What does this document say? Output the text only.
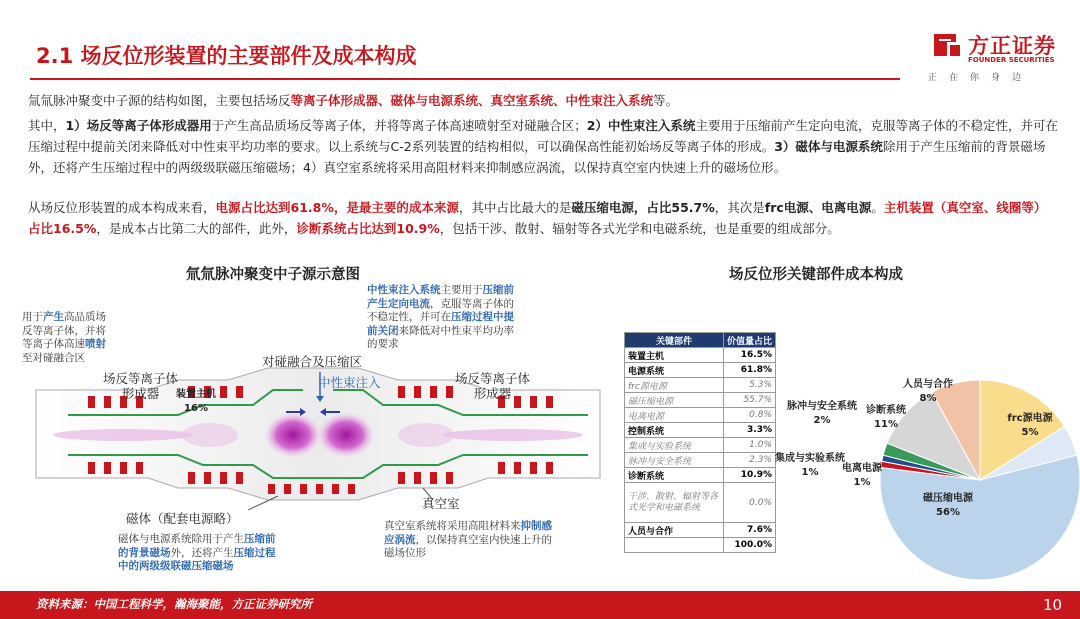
2.1 场反位形装置的主要部件及成本构成	方正证券
FOUNDER SECURITIES
正在你身边
氚氚脉冲聚变中子源的结构如图，主要包括场反等离子体形成器、磁体与电源系统、真空室系统、中性束注入系统等。
其中，1）场反等离子体形成器用于产生高品质场反等离子体，并将等离子体高速喷射至对碰融合区；2）中性束注入系统主要用于压缩前产生定向电流，克服等离子体的不稳定性，并可在压缩过程中提前关闭来降低对中性束平均功率的要求。以上系统与C-2系列装置的结构相似，可以确保高性能初始场反等离子体的形成。3）磁体与电源系统除用于产生压缩前的背景磁场外，还将产生压缩过程中的两级级联磁压缩磁场；4）真空室系统将采用高阻材料来抑制感应涡流，以保持真空室内快速上升的磁场位形。
从场反位形装置的成本构成来看，电源占比达到61.8%，是最主要的成本来源，其中占比最大的是磁压缩电源，占比55.7%，其次是frc电源、电离电源。主机装置（真空室、线圈等）占比16.5%，是成本占比第二大的部件，此外，诊断系统占比达到10.9%，包括干涉、散射、辐射等各式光学和电磁系统，也是重要的组成部分。
氚氚脉冲聚变中子源示意图
用于产生高品质场反等离子体，并将等离子体高速喷射至对碰融合区
中性束注入系统主要用于压缩前产生定向电流，克服等离子体的不稳定性，并可在压缩过程中提前关闭来降低对中性束平均功率的要求
对碰融合及压缩区
中性束注入
场反等离子体
形成器
场反等离子体
形成器
真空室
磁体（配套电源略）
磁体与电源系统除用于产生压缩前的背景磁场外，还将产生压缩过程中的两级级联磁压缩磁场
真空室系统将采用高阻材料来抑制感应涡流，以保持真空室内快速上升的磁场位形
场反位形关键部件成本构成
关键部件	价值量占比
装置主机	16.5%
电源系统	61.8%
frc源电源	5.3%
磁压缩电源	55.7%
电离电源	0.8%
控制系统	3.3%
集成与实验系统	1.0%
脉冲与安全系统	2.3%
诊断系统	10.9%
干涉、散射、辐射等各式光学和电磁系统	0.0%
人员与合作	7.6%
	100.0%
装置主机
16%
frc源电源
5%
磁压缩电源
56%
电离电源
1%
集成与实验系统
1%
脉冲与安全系统
2%
诊断系统
11%
人员与合作
8%
资料来源：中国工程科学，瀚海聚能，方正证券研究所	10
